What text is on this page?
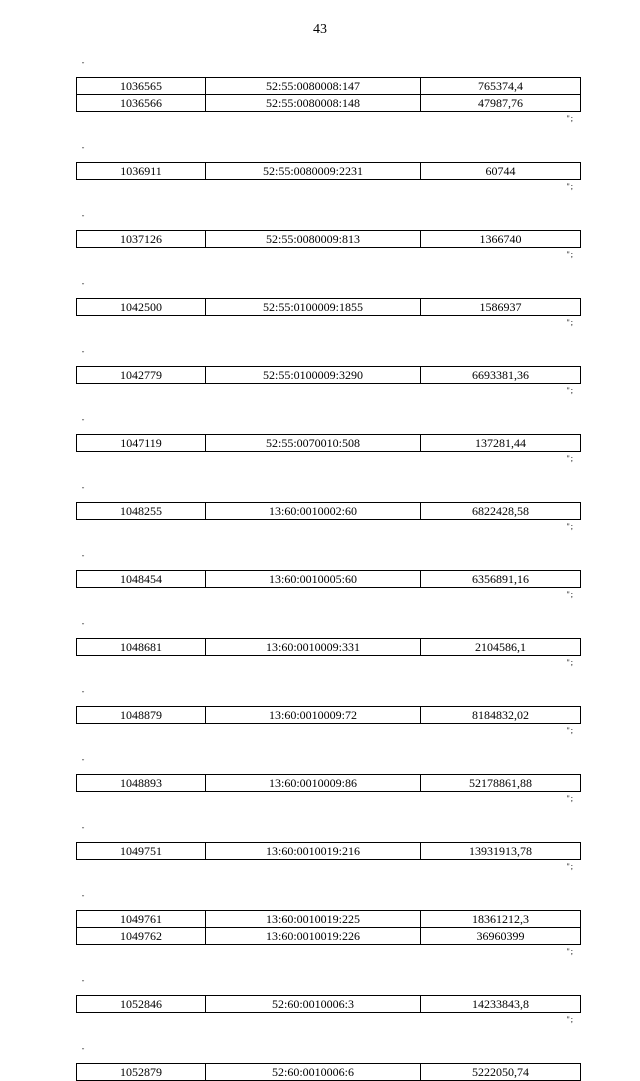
43
"
1036565	52:55:0080008:147	765374,4
1036566	52:55:0080008:148	47987,76
";
"
1036911	52:55:0080009:2231	60744
";
"
1037126	52:55:0080009:813	1366740
";
"
1042500	52:55:0100009:1855	1586937
";
"
1042779	52:55:0100009:3290	6693381,36
";
"
1047119	52:55:0070010:508	137281,44
";
"
1048255	13:60:0010002:60	6822428,58
";
"
1048454	13:60:0010005:60	6356891,16
";
"
1048681	13:60:0010009:331	2104586,1
";
"
1048879	13:60:0010009:72	8184832,02
";
"
1048893	13:60:0010009:86	52178861,88
";
"
1049751	13:60:0010019:216	13931913,78
";
"
1049761	13:60:0010019:225	18361212,3
1049762	13:60:0010019:226	36960399
";
"
1052846	52:60:0010006:3	14233843,8
";
"
1052879	52:60:0010006:6	5222050,74
